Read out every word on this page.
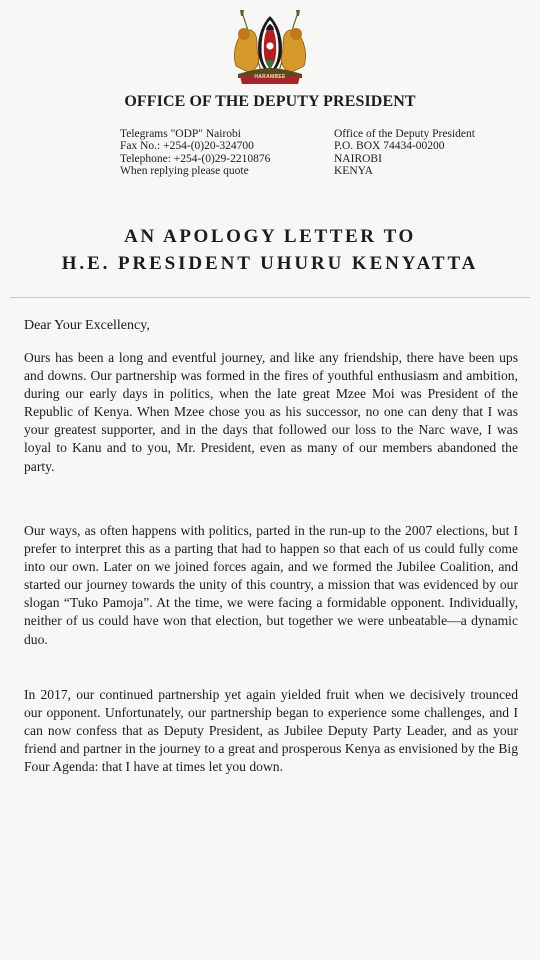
HARAMBEE
OFFICE OF THE DEPUTY PRESIDENT
Telegrams "ODP" Nairobi
Fax No.: +254-(0)20-324700
Telephone: +254-(0)29-2210876
When replying please quote
Office of the Deputy President
P.O. BOX 74434-00200
NAIROBI
KENYA
AN APOLOGY LETTER TO
H.E. PRESIDENT UHURU KENYATTA
Dear Your Excellency,

Ours has been a long and eventful journey, and like any friendship, there have been ups and downs. Our partnership was formed in the fires of youthful enthusiasm and ambition, during our early days in politics, when the late great Mzee Moi was President of the Republic of Kenya. When Mzee chose you as his successor, no one can deny that I was your greatest supporter, and in the days that followed our loss to the Narc wave, I was loyal to Kanu and to you, Mr. President, even as many of our members abandoned the party.

Our ways, as often happens with politics, parted in the run-up to the 2007 elections, but I prefer to interpret this as a parting that had to happen so that each of us could fully come into our own. Later on we joined forces again, and we formed the Jubilee Coalition, and started our journey towards the unity of this country, a mission that was evidenced by our slogan “Tuko Pamoja”. At the time, we were facing a formidable opponent. Individually, neither of us could have won that election, but together we were unbeatable—a dynamic duo.

In 2017, our continued partnership yet again yielded fruit when we decisively trounced our opponent. Unfortunately, our partnership began to experience some challenges, and I can now confess that as Deputy President, as Jubilee Deputy Party Leader, and as your friend and partner in the journey to a great and prosperous Kenya as envisioned by the Big Four Agenda: that I have at times let you down.
